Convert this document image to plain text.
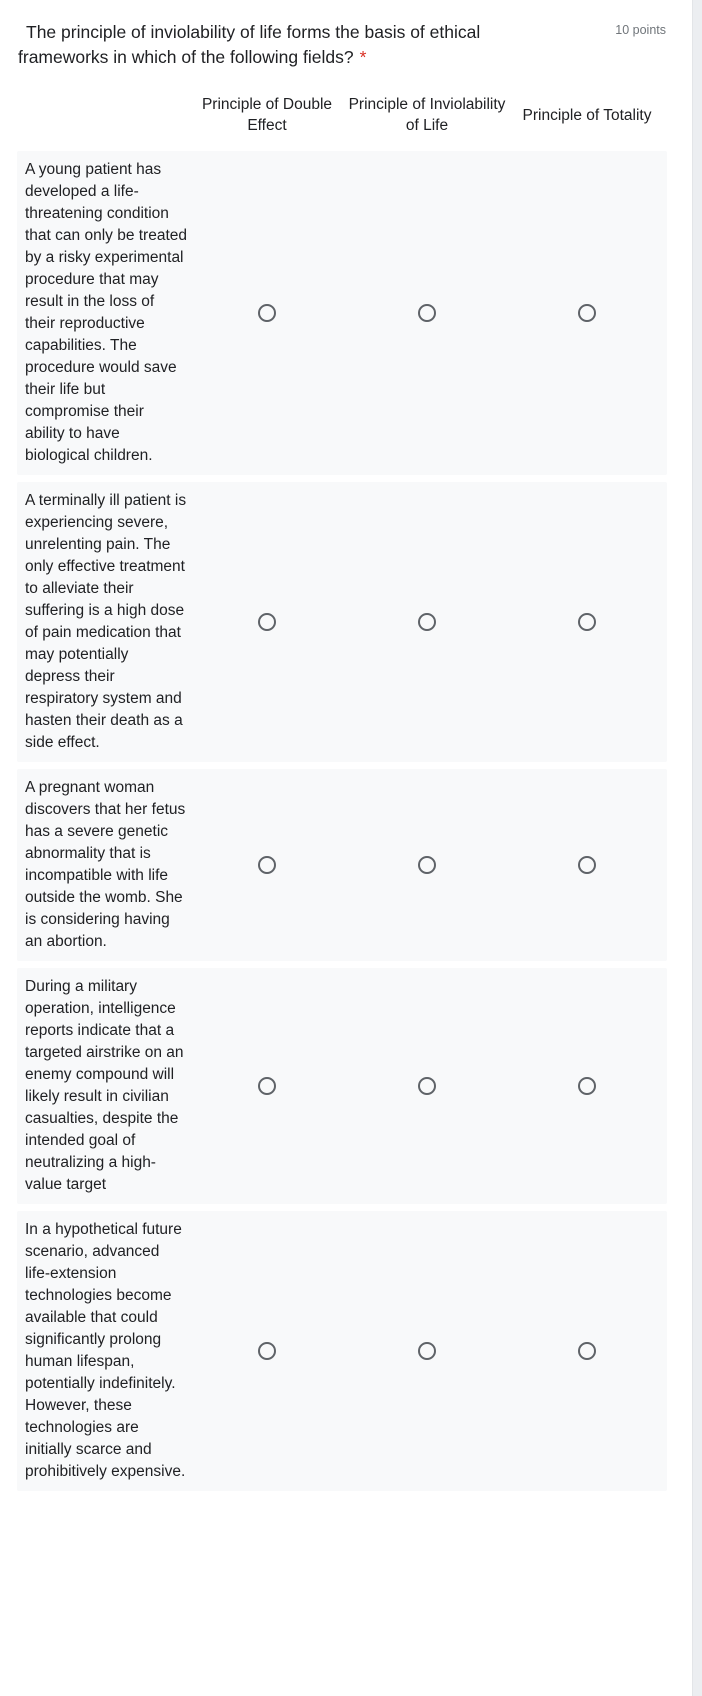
The principle of inviolability of life forms the basis of ethical frameworks in which of the following fields? *

10 points
Principle of Double Effect
Principle of Inviolability of Life
Principle of Totality
A young patient has developed a life-threatening condition that can only be treated by a risky experimental procedure that may result in the loss of their reproductive capabilities. The procedure would save their life but compromise their ability to have biological children.
A terminally ill patient is experiencing severe, unrelenting pain. The only effective treatment to alleviate their suffering is a high dose of pain medication that may potentially depress their respiratory system and hasten their death as a side effect.
A pregnant woman discovers that her fetus has a severe genetic abnormality that is incompatible with life outside the womb. She is considering having an abortion.
During a military operation, intelligence reports indicate that a targeted airstrike on an enemy compound will likely result in civilian casualties, despite the intended goal of neutralizing a high-value target
In a hypothetical future scenario, advanced life-extension technologies become available that could significantly prolong human lifespan, potentially indefinitely. However, these technologies are initially scarce and prohibitively expensive.
